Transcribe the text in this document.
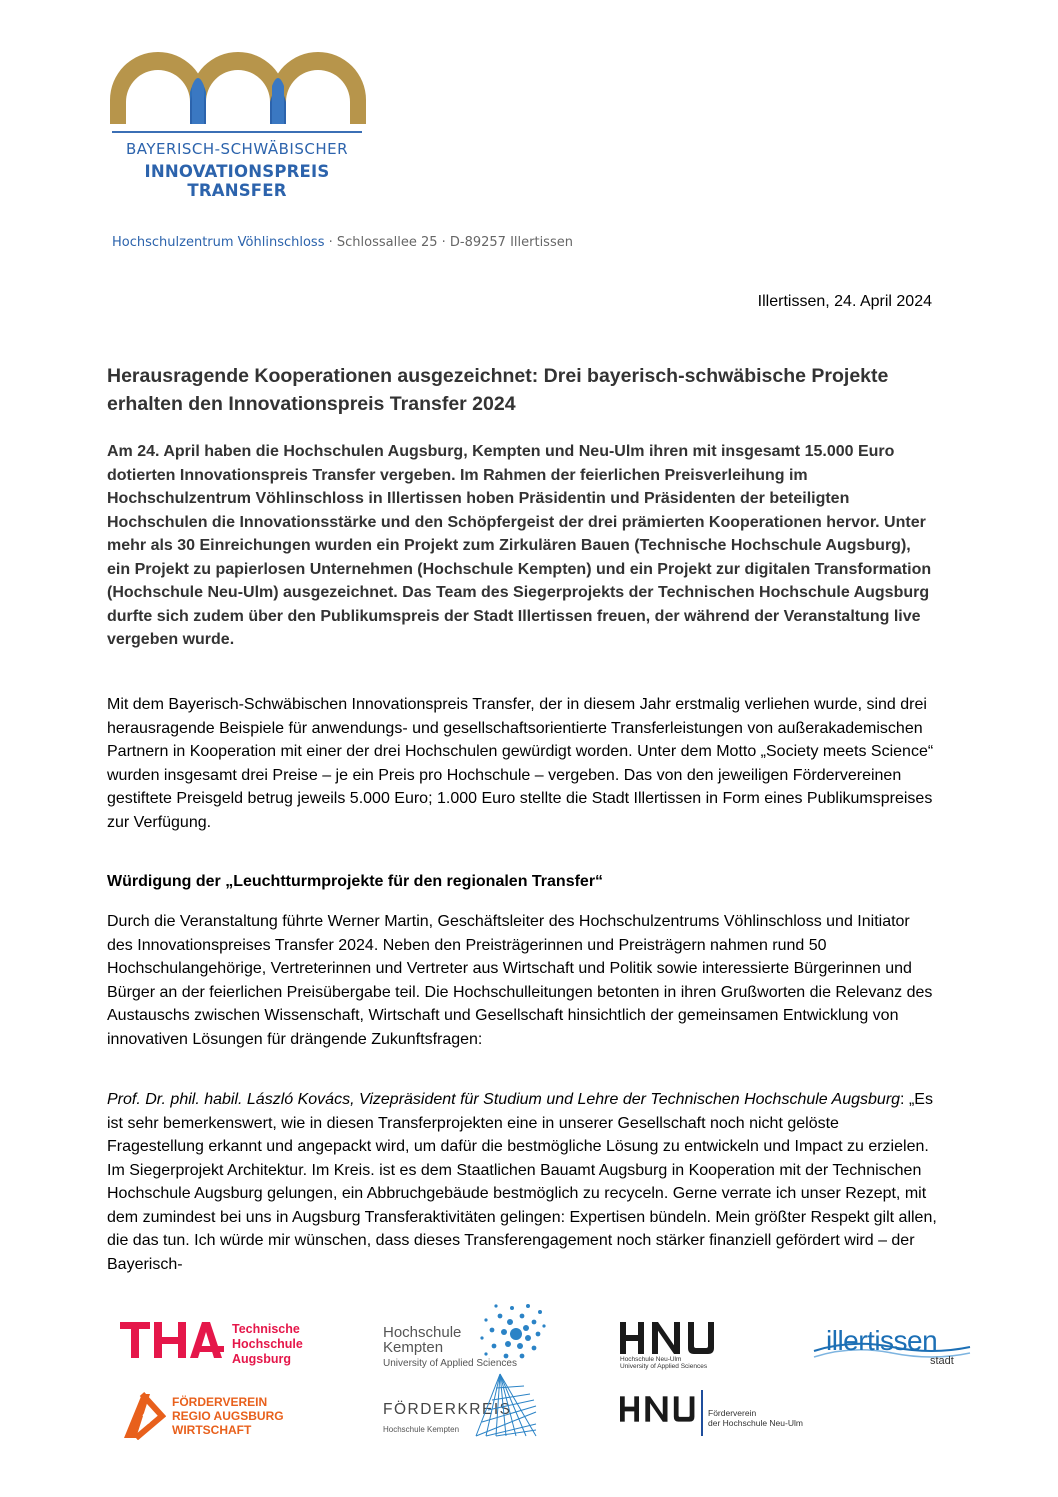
BAYERISCH-SCHWÄBISCHER
INNOVATIONSPREIS TRANSFER
Hochschulzentrum Vöhlinschloss · Schlossallee 25 · D-89257 Illertissen
Illertissen, 24. April 2024
Herausragende Kooperationen ausgezeichnet: Drei bayerisch-schwäbische Projekte erhalten den Innovationspreis Transfer 2024
Am 24. April haben die Hochschulen Augsburg, Kempten und Neu-Ulm ihren mit insgesamt 15.000 Euro dotierten Innovationspreis Transfer vergeben. Im Rahmen der feierlichen Preisverleihung im Hochschulzentrum Vöhlinschloss in Illertissen hoben Präsidentin und Präsidenten der beteiligten Hochschulen die Innovationsstärke und den Schöpfergeist der drei prämierten Kooperationen hervor. Unter mehr als 30 Einreichungen wurden ein Projekt zum Zirkulären Bauen (Technische Hochschule Augsburg), ein Projekt zu papierlosen Unternehmen (Hochschule Kempten) und ein Projekt zur digitalen Transformation (Hochschule Neu-Ulm) ausgezeichnet. Das Team des Siegerprojekts der Technischen Hochschule Augsburg durfte sich zudem über den Publikumspreis der Stadt Illertissen freuen, der während der Veranstaltung live vergeben wurde.
Mit dem Bayerisch-Schwäbischen Innovationspreis Transfer, der in diesem Jahr erstmalig verliehen wurde, sind drei herausragende Beispiele für anwendungs- und gesellschaftsorientierte Transferleistungen von außerakademischen Partnern in Kooperation mit einer der drei Hochschulen gewürdigt worden. Unter dem Motto „Society meets Science“ wurden insgesamt drei Preise – je ein Preis pro Hochschule – vergeben. Das von den jeweiligen Fördervereinen gestiftete Preisgeld betrug jeweils 5.000 Euro; 1.000 Euro stellte die Stadt Illertissen in Form eines Publikumspreises zur Verfügung.
Würdigung der „Leuchtturmprojekte für den regionalen Transfer“
Durch die Veranstaltung führte Werner Martin, Geschäftsleiter des Hochschulzentrums Vöhlinschloss und Initiator des Innovationspreises Transfer 2024. Neben den Preisträgerinnen und Preisträgern nahmen rund 50 Hochschulangehörige, Vertreterinnen und Vertreter aus Wirtschaft und Politik sowie interessierte Bürgerinnen und Bürger an der feierlichen Preisübergabe teil. Die Hochschulleitungen betonten in ihren Grußworten die Relevanz des Austauschs zwischen Wissenschaft, Wirtschaft und Gesellschaft hinsichtlich der gemeinsamen Entwicklung von innovativen Lösungen für drängende Zukunftsfragen:
Prof. Dr. phil. habil. László Kovács, Vizepräsident für Studium und Lehre der Technischen Hochschule Augsburg: „Es ist sehr bemerkenswert, wie in diesen Transferprojekten eine in unserer Gesellschaft noch nicht gelöste Fragestellung erkannt und angepackt wird, um dafür die bestmögliche Lösung zu entwickeln und Impact zu erzielen. Im Siegerprojekt Architektur. Im Kreis. ist es dem Staatlichen Bauamt Augsburg in Kooperation mit der Technischen Hochschule Augsburg gelungen, ein Abbruchgebäude bestmöglich zu recyceln. Gerne verrate ich unser Rezept, mit dem zumindest bei uns in Augsburg Transferaktivitäten gelingen: Expertisen bündeln. Mein größter Respekt gilt allen, die das tun. Ich würde mir wünschen, dass dieses Transferengagement noch stärker finanziell gefördert wird – der Bayerisch-
Technische
Hochschule
Augsburg
Hochschule
Kempten
University of Applied Sciences	Hochschule Neu-Ulm
University of Applied Sciences
illertissen
stadt
3
FÖRDERVEREIN
REGIO AUGSBURG
WIRTSCHAFT
FÖRDERKREIS
Hochschule Kempten
Förderverein
der Hochschule Neu-Ulm
